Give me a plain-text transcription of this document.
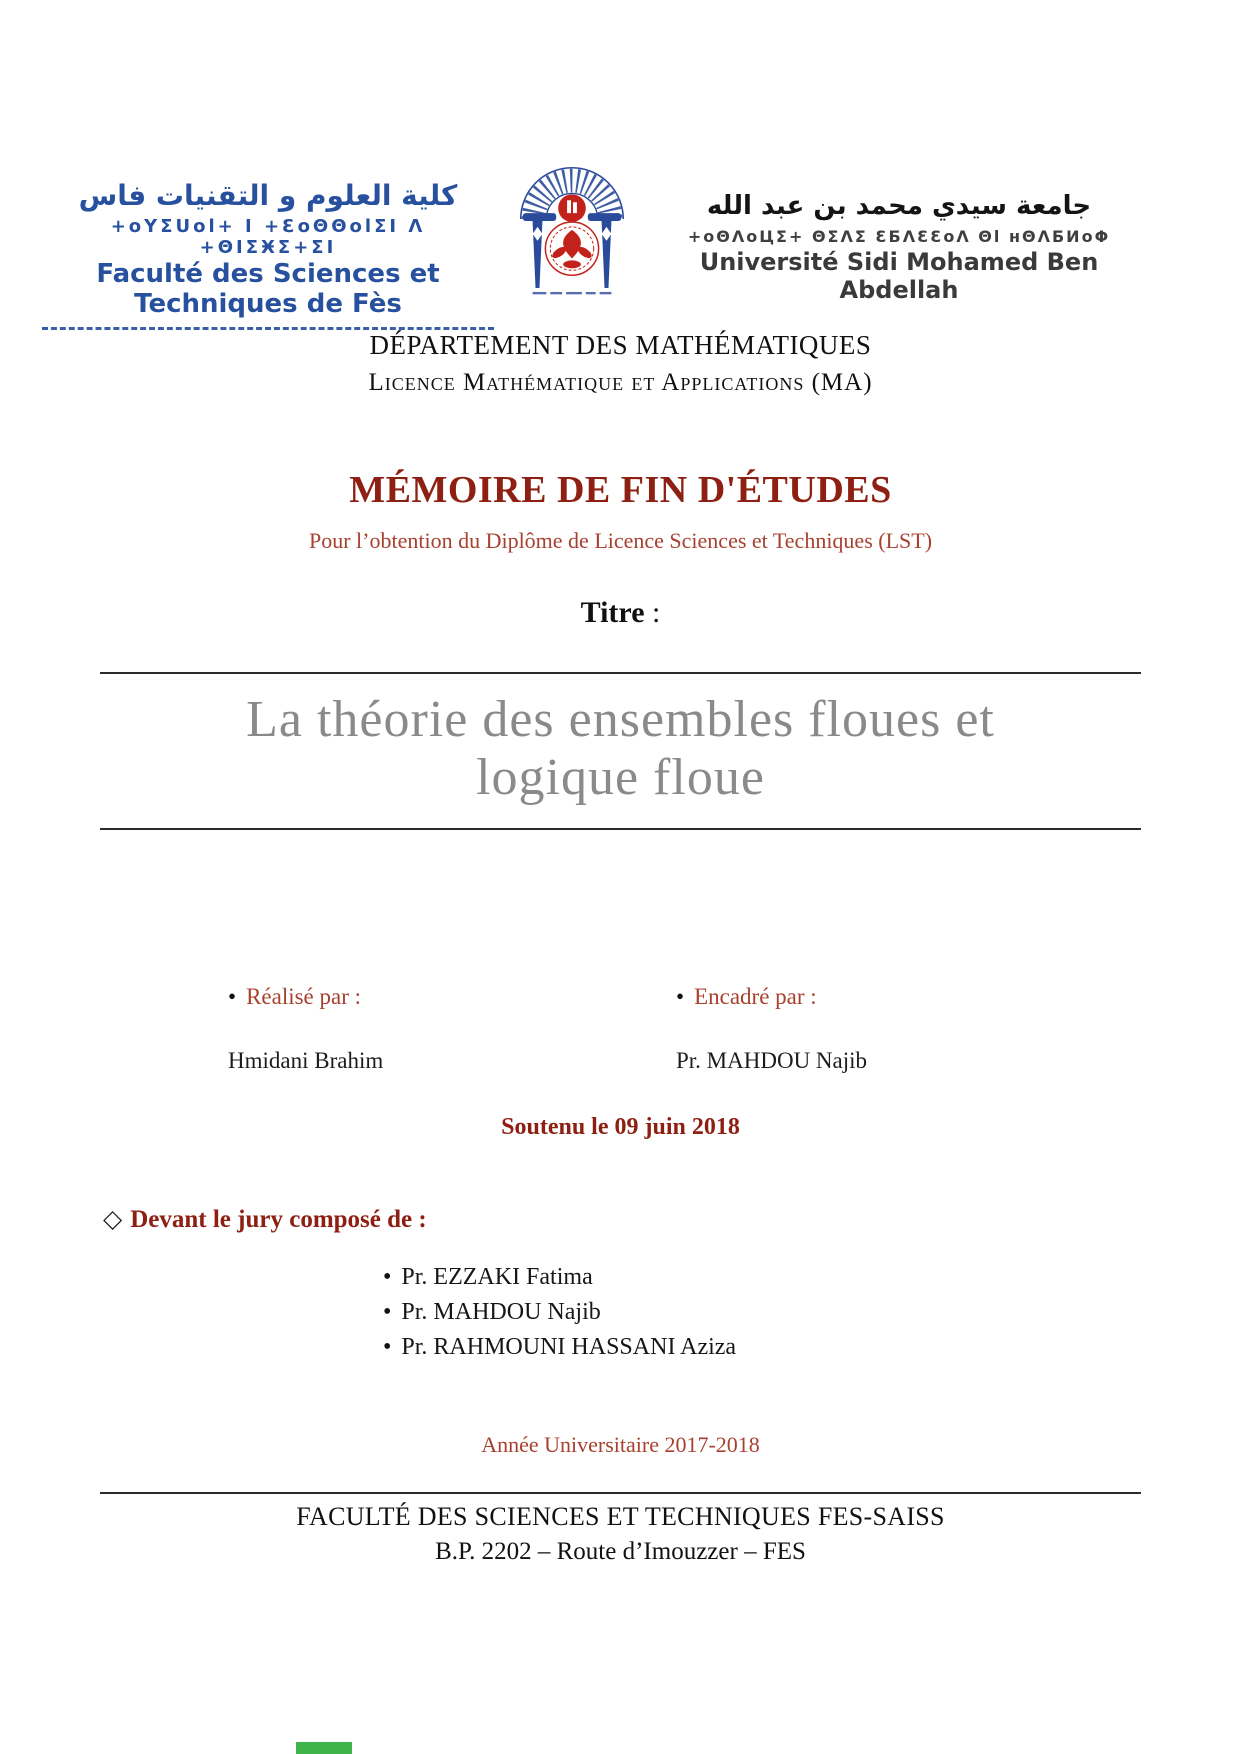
كلية العلوم و التقنيات فاس
+oYΣUol+ I +ƐoΘΘolΣI Λ +ΘIΣӾΣ+ΣI
Faculté des Sciences et Techniques de Fès
جامعة سيدي محمد بن عبد الله
+oΘΛoЦΣ+ ΘΣΛΣ ƐƂΛƐƐoΛ Θl ʜΘΛƂИoΦ
Université Sidi Mohamed Ben Abdellah
DÉPARTEMENT DES MATHÉMATIQUES
Licence Mathématique et Applications (MA)
MÉMOIRE DE FIN D'ÉTUDES
Pour l’obtention du Diplôme de Licence Sciences et Techniques (LST)
Titre :
La théorie des ensembles floues et
logique floue
• Réalisé par :	• Encadré par :
Hmidani Brahim	Pr. MAHDOU Najib
Soutenu le 09 juin 2018
◇ Devant le jury composé de :
• Pr. EZZAKI Fatima
• Pr. MAHDOU Najib
• Pr. RAHMOUNI HASSANI Aziza
Année Universitaire 2017-2018
FACULTÉ DES SCIENCES ET TECHNIQUES FES-SAISS
B.P. 2202 – Route d’Imouzzer – FES
